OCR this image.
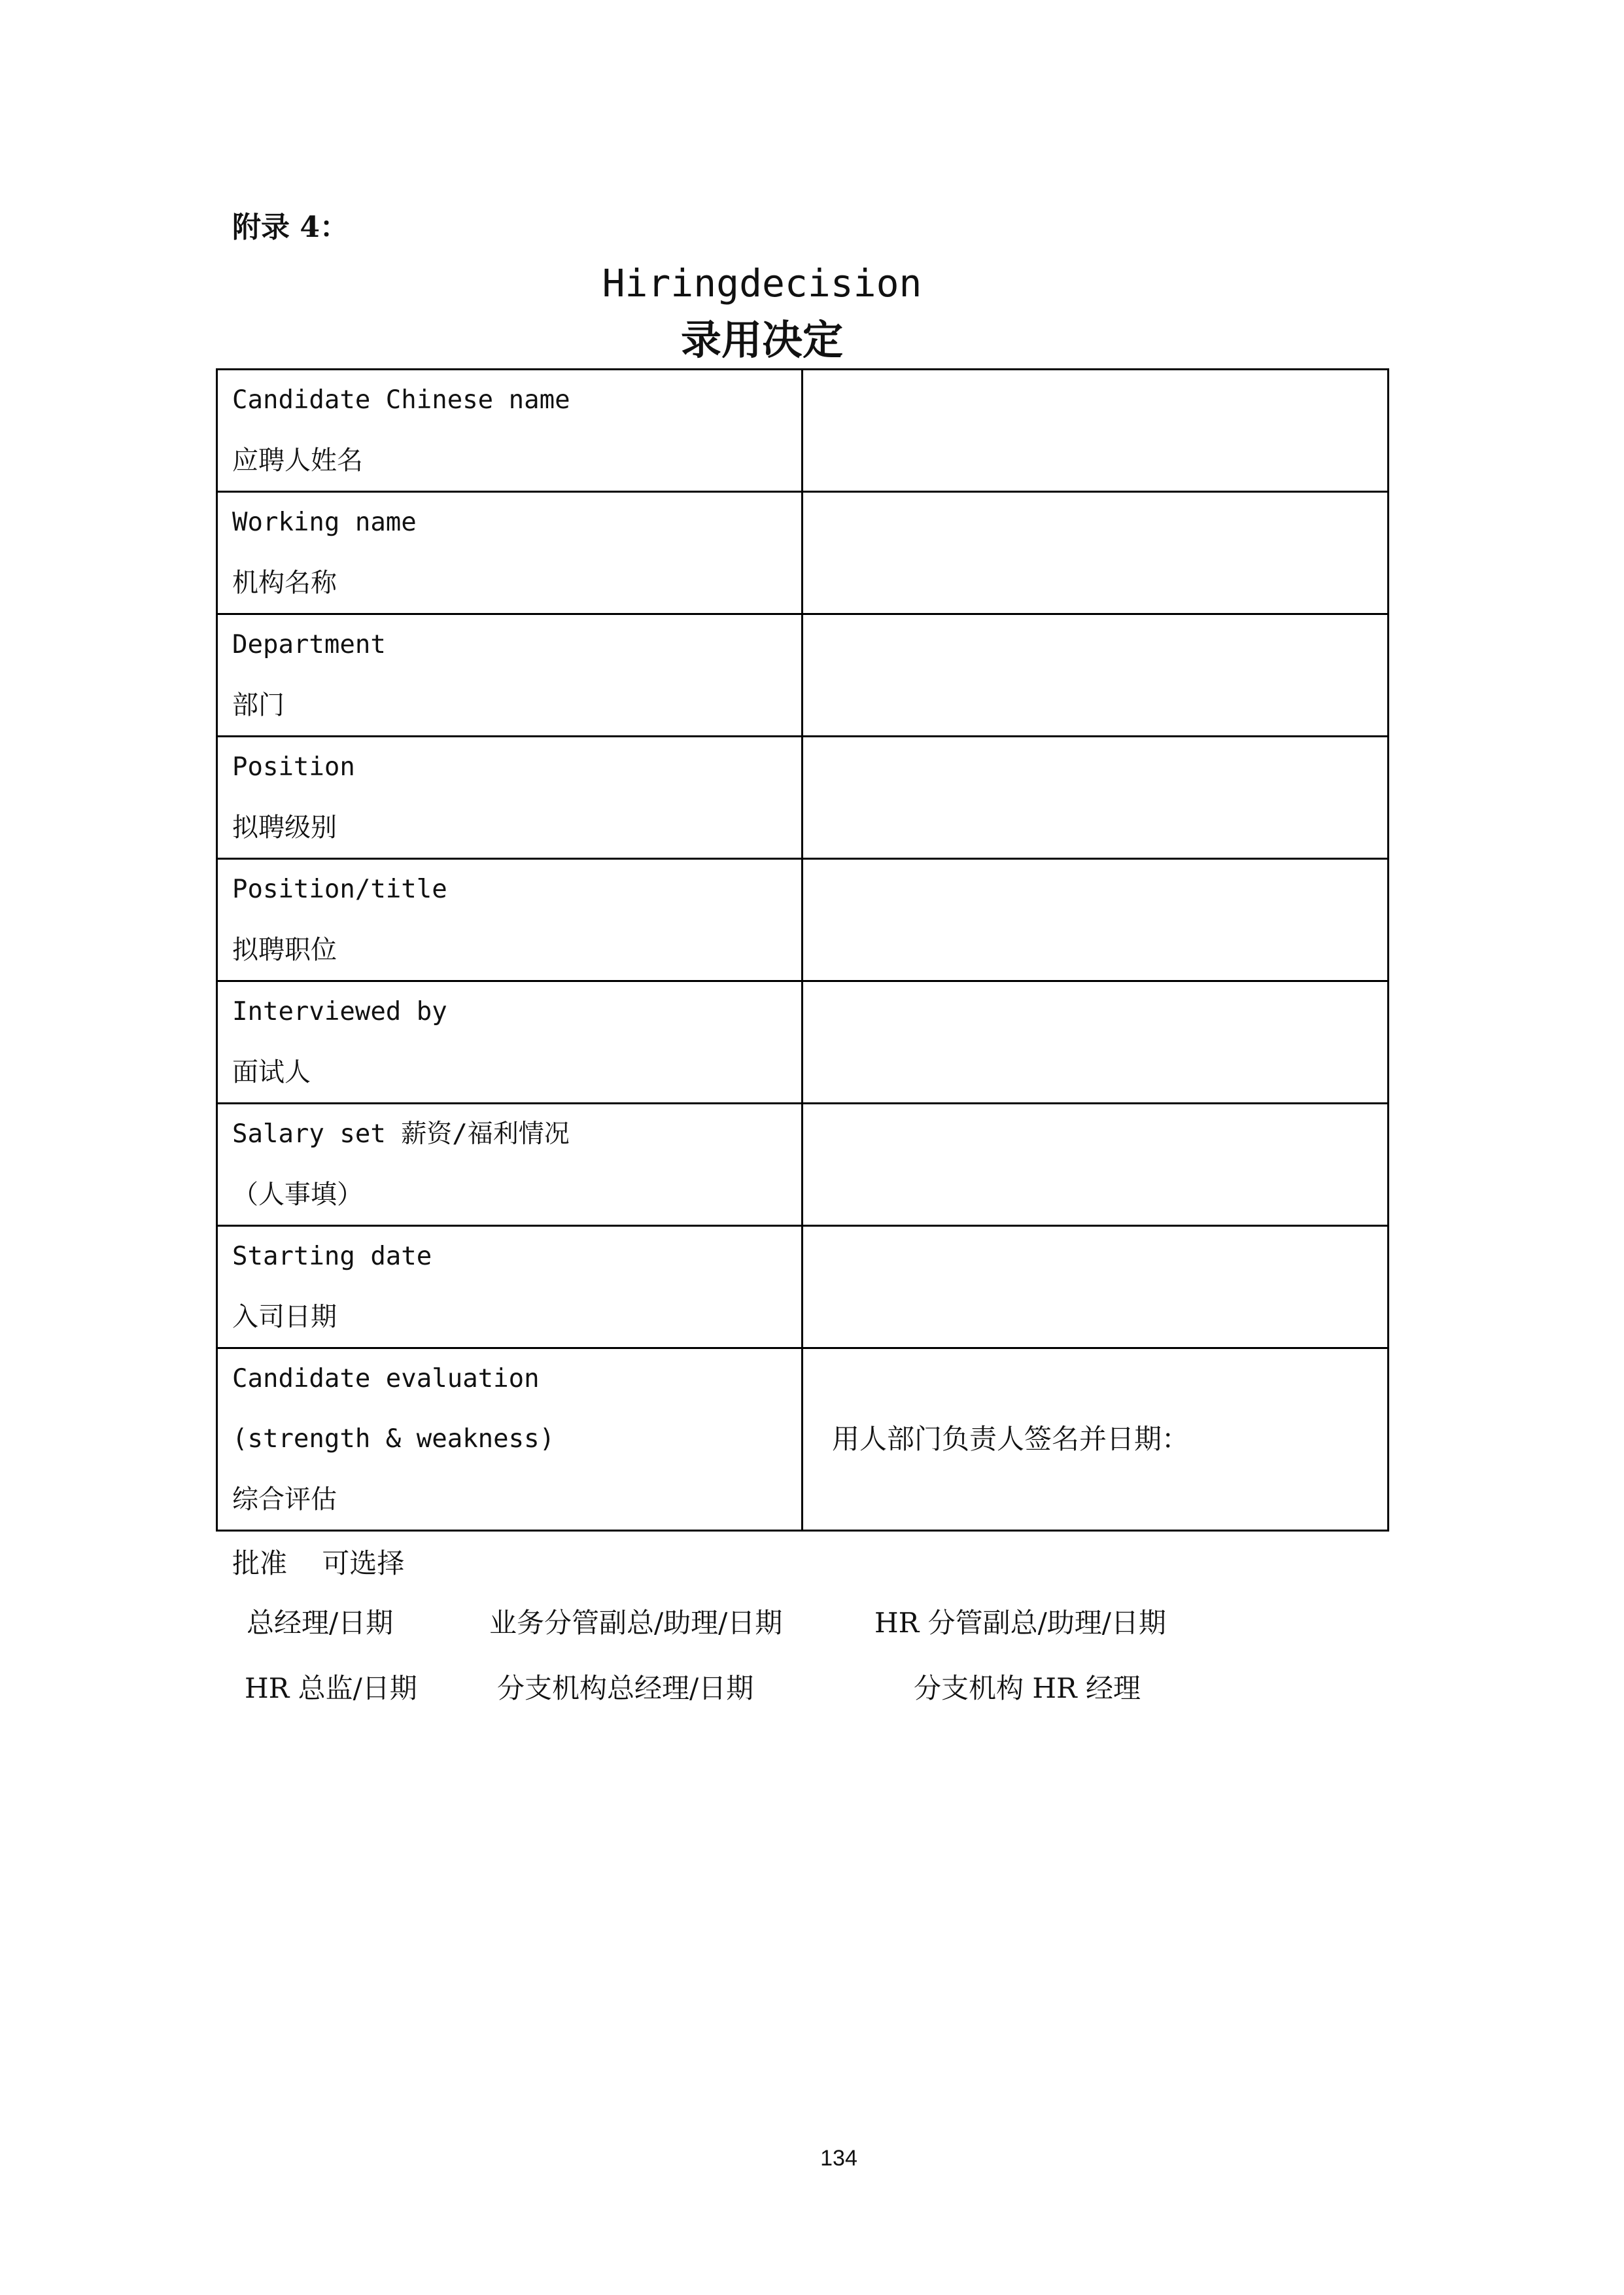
附录 4：
Hiringdecision
录用决定
Candidate Chinese name
应聘人姓名	

Working name
机构名称	

Department
部门	

Position
拟聘级别	

Position/title
拟聘职位	

Interviewed by
面试人	

Salary set 薪资/福利情况
（人事填）	

Starting date
入司日期	

Candidate evaluation
(strength & weakness)
综合评估	用人部门负责人签名并日期：
批准    可选择
总经理/日期	业务分管副总/助理/日期	HR 分管副总/助理/日期
HR 总监/日期	分支机构总经理/日期	分支机构 HR 经理
134
